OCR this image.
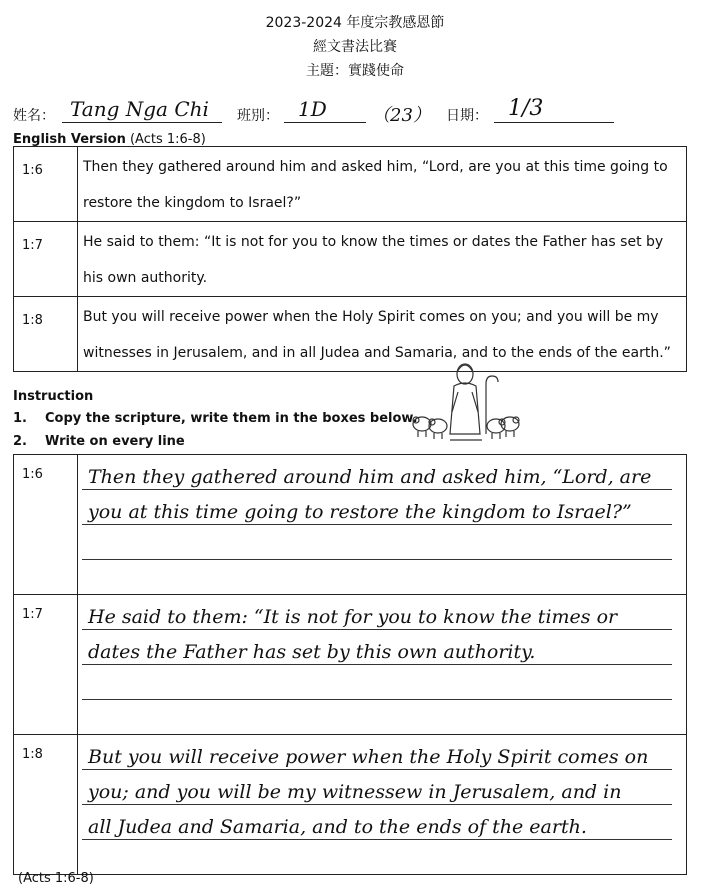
2023-2024 年度宗教感恩節
經文書法比賽
主題：實踐使命
姓名： Tang Nga Chi 班別： 1D	（23） 日期： 1/3
English Version (Acts 1:6-8)
1:6	Then they gathered around him and asked him, “Lord, are you at this time going to restore the kingdom to Israel?”
1:7	He said to them: “It is not for you to know the times or dates the Father has set by his own authority.
1:8	But you will receive power when the Holy Spirit comes on you; and you will be my witnesses in Jerusalem, and in all Judea and Samaria, and to the ends of the earth.”
Instruction
1. Copy the scripture, write them in the boxes below.
2. Write on every line
1:6	Then they gathered around him and asked him, “Lord, are
you at this time going to restore the kingdom to Israel?”

1:7	He said to them: “It is not for you to know the times or
dates the Father has set by this own authority.

1:8	But you will receive power when the Holy Spirit comes on
you; and you will be my witnessew in Jerusalem, and in
all Judea and Samaria, and to the ends of the earth.
(Acts 1:6-8)
